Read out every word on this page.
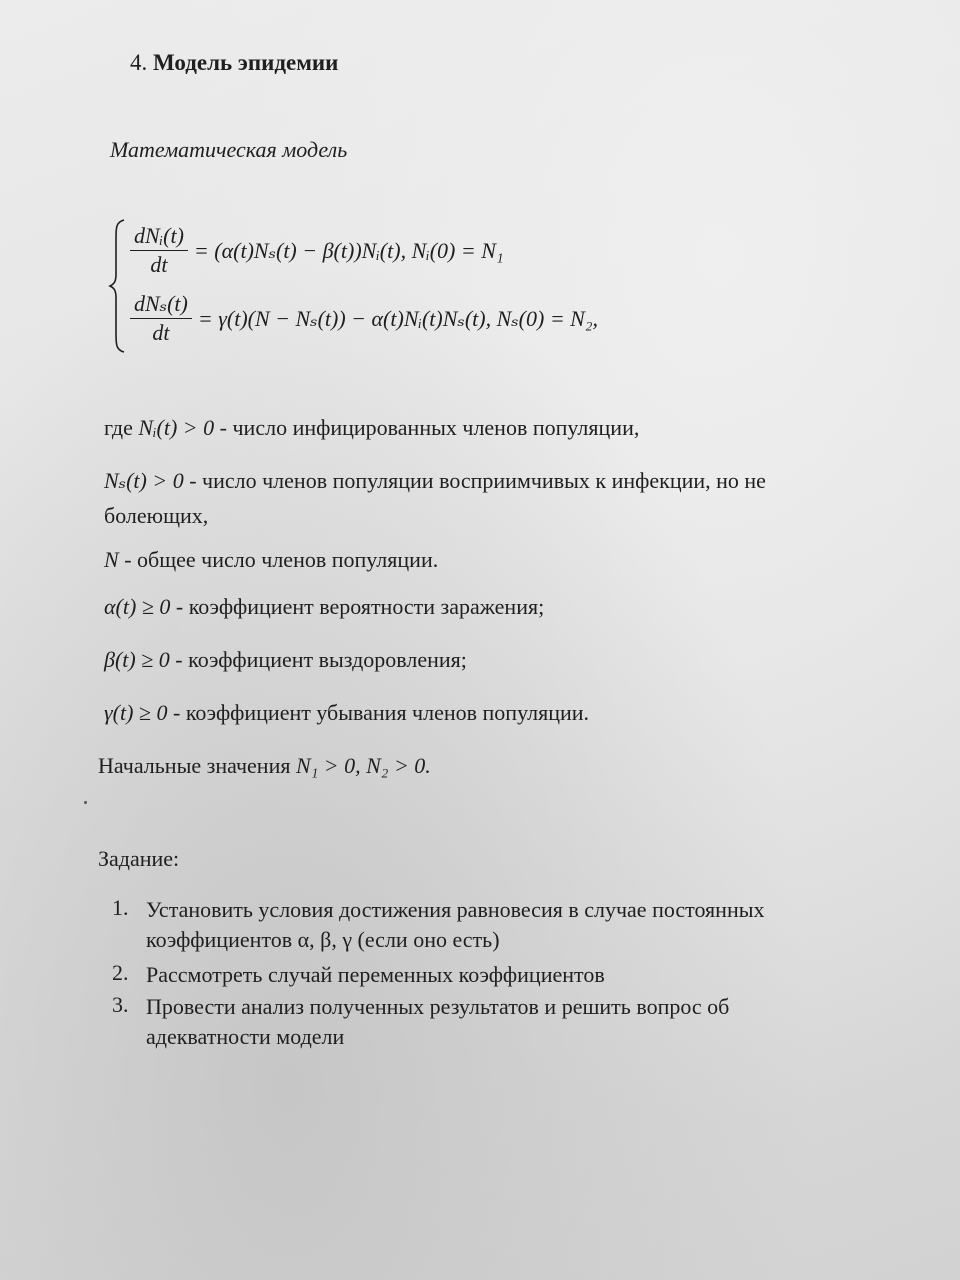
4. Модель эпидемии
Математическая модель
$\frac{\text{dNᵢ(t)}}{dt} = (\alpha(t)N_s(t)$ − β(t))Nᵢ(t), Nᵢ(0) = N₁
$\frac{\text{dNₛ(t)}}{dt} = \gamma(t)(N - N_s(t))$ − α(t)Nᵢ(t)Nₛ(t), Nₛ(0) = N₂,
где Nᵢ(t) > 0 - число инфицированных членов популяции,
Nₛ(t) > 0 - число членов популяции восприимчивых к инфекции, но не
болеющих,
N - общее число членов популяции.
α(t) ≥ 0 - коэффициент вероятности заражения;
β(t) ≥ 0 - коэффициент выздоровления;
γ(t) ≥ 0 - коэффициент убывания членов популяции.
Начальные значения N₁ > 0, N₂ > 0.
Задание:
1. Установить условия достижения равновесия в случае постоянных
коэффициентов α, β, γ (если оно есть)
2. Рассмотреть случай переменных коэффициентов
3. Провести анализ полученных результатов и решить вопрос об
адекватности модели
